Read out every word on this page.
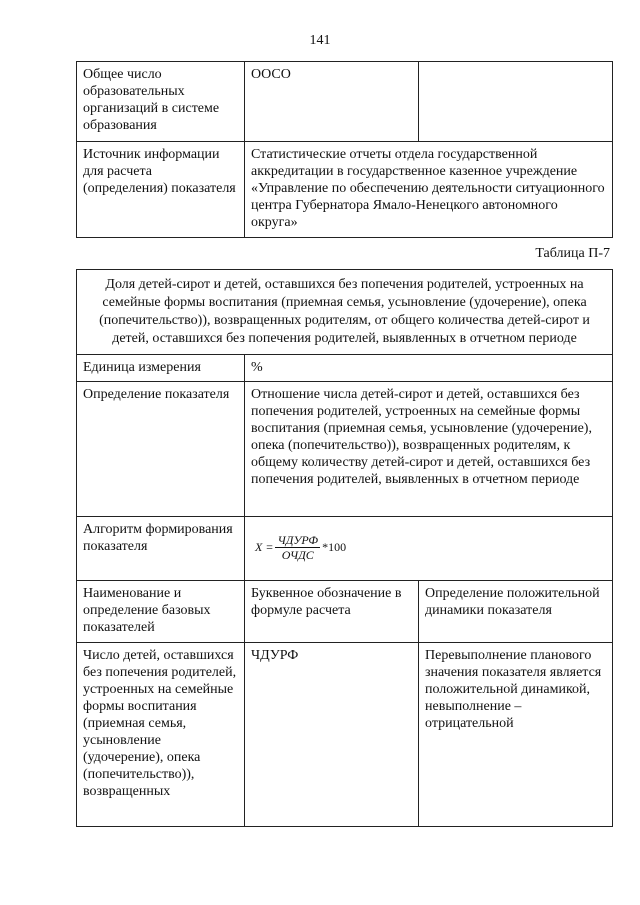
141
Общее число образовательных организаций в системе образования	ООСО	
Источник информации для расчета (определения) показателя	Статистические отчеты отдела государственной аккредитации в государственное казенное учреждение «Управление по обеспечению деятельности ситуационного центра Губернатора Ямало-Ненецкого автономного округа»	
Таблица П-7
Доля детей-сирот и детей, оставшихся без попечения родителей, устроенных на семейные формы воспитания (приемная семья, усыновление (удочерение), опека (попечительство)), возвращенных родителям, от общего количества детей-сирот и детей, оставшихся без попечения родителей, выявленных в отчетном периоде		
Единица измерения	%	
Определение показателя	Отношение числа детей-сирот и детей, оставшихся без попечения родителей, устроенных на семейные формы воспитания (приемная семья, усыновление (удочерение), опека (попечительство)), возвращенных родителям, к общему количеству детей-сирот и детей, оставшихся без попечения родителей, выявленных в отчетном периоде	
Алгоритм формирования показателя	$X = \frac{\text{ЧДУРФ}}{\text{ОЧДС}} *100$	

Наименование и определение базовых показателей	Буквенное обозначение в формуле расчета	Определение положительной динамики показателя
Число детей, оставшихся без попечения родителей, устроенных на семейные формы воспитания (приемная семья, усыновление (удочерение), опека (попечительство)), возвращенных	ЧДУРФ	Перевыполнение планового значения показателя является положительной динамикой, невыполнение – отрицательной
